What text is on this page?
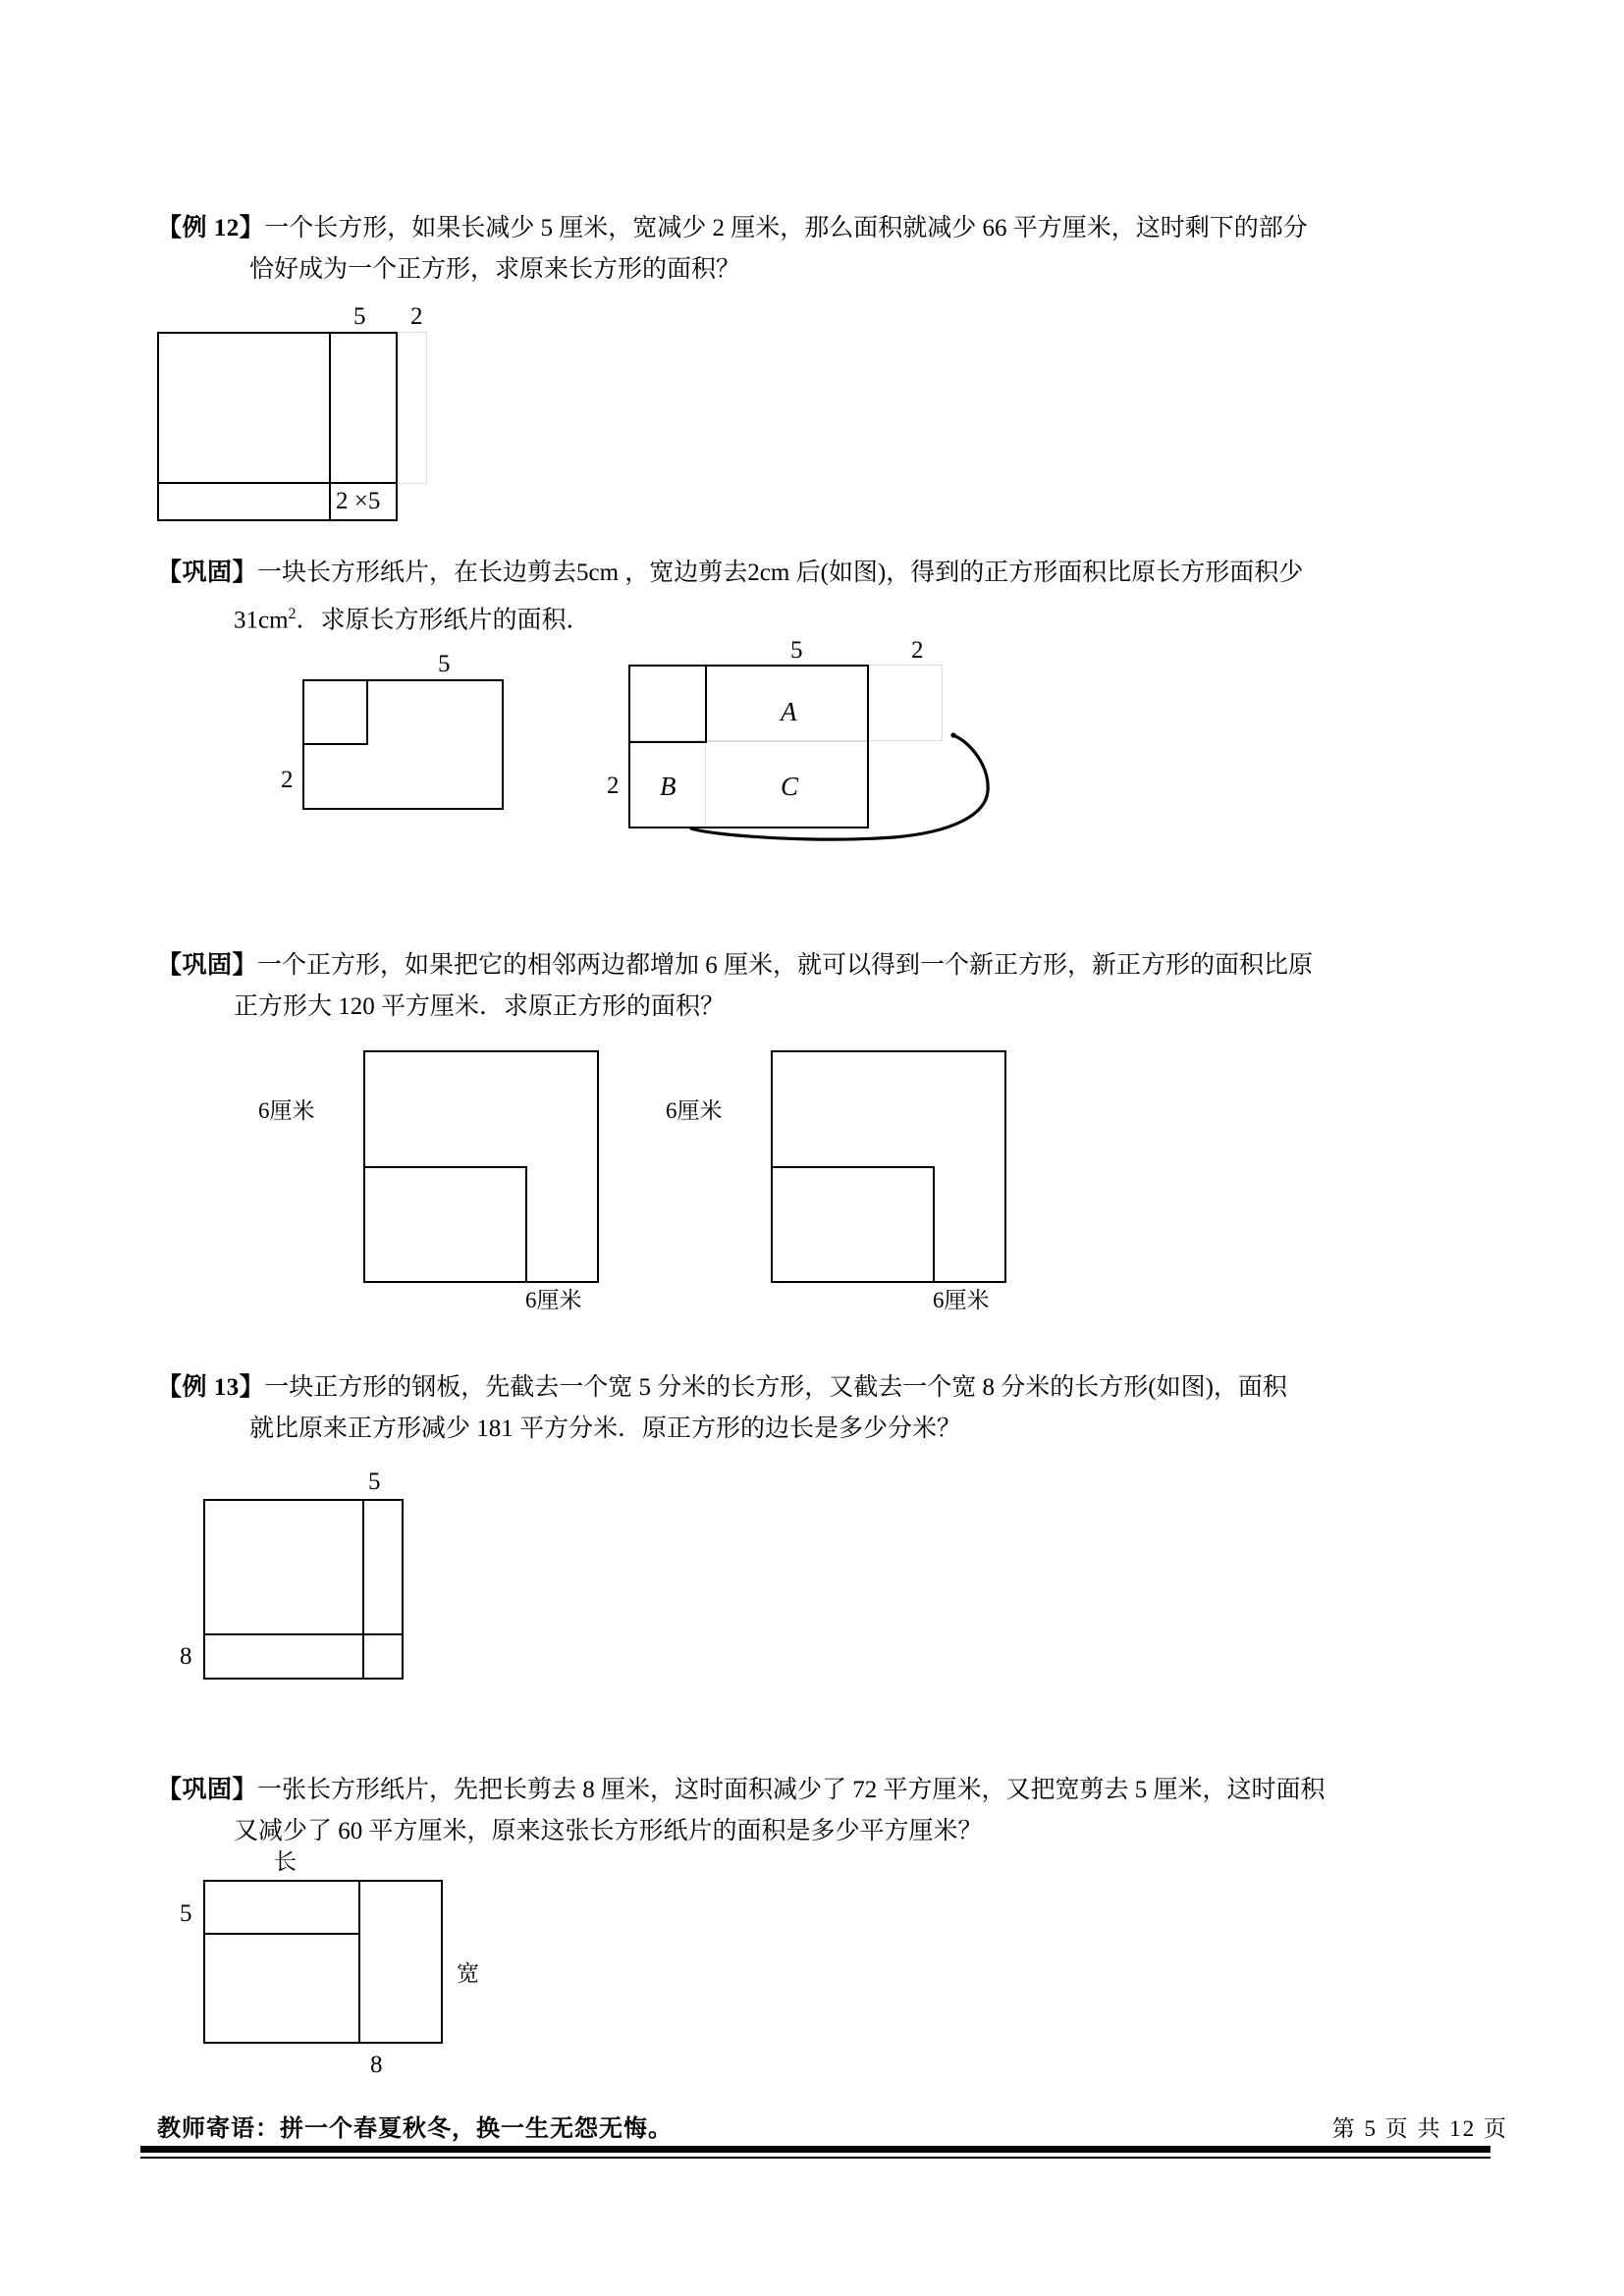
【例 12】一个长方形，如果长减少 5 厘米，宽减少 2 厘米，那么面积就减少 66 平方厘米，这时剩下的部分
恰好成为一个正方形，求原来长方形的面积？
5 2
2 ×5
【巩固】一块长方形纸片，在长边剪去5cm ，宽边剪去2cm 后(如图)，得到的正方形面积比原长方形面积少
$31cm^2$．求原长方形纸片的面积．
5
2
5	2
2
A
B	C
【巩固】一个正方形，如果把它的相邻两边都增加 6 厘米，就可以得到一个新正方形，新正方形的面积比原
正方形大 120 平方厘米．求原正方形的面积？
6厘米
6厘米
6厘米
6厘米
【例 13】一块正方形的钢板，先截去一个宽 5 分米的长方形，又截去一个宽 8 分米的长方形(如图)，面积
就比原来正方形减少 181 平方分米．原正方形的边长是多少分米？
5
8
【巩固】一张长方形纸片，先把长剪去 8 厘米，这时面积减少了 72 平方厘米，又把宽剪去 5 厘米，这时面积
又减少了 60 平方厘米，原来这张长方形纸片的面积是多少平方厘米？
长
5
宽
8
教师寄语：拼一个春夏秋冬，换一生无怨无悔。	第 5 页 共 12 页
